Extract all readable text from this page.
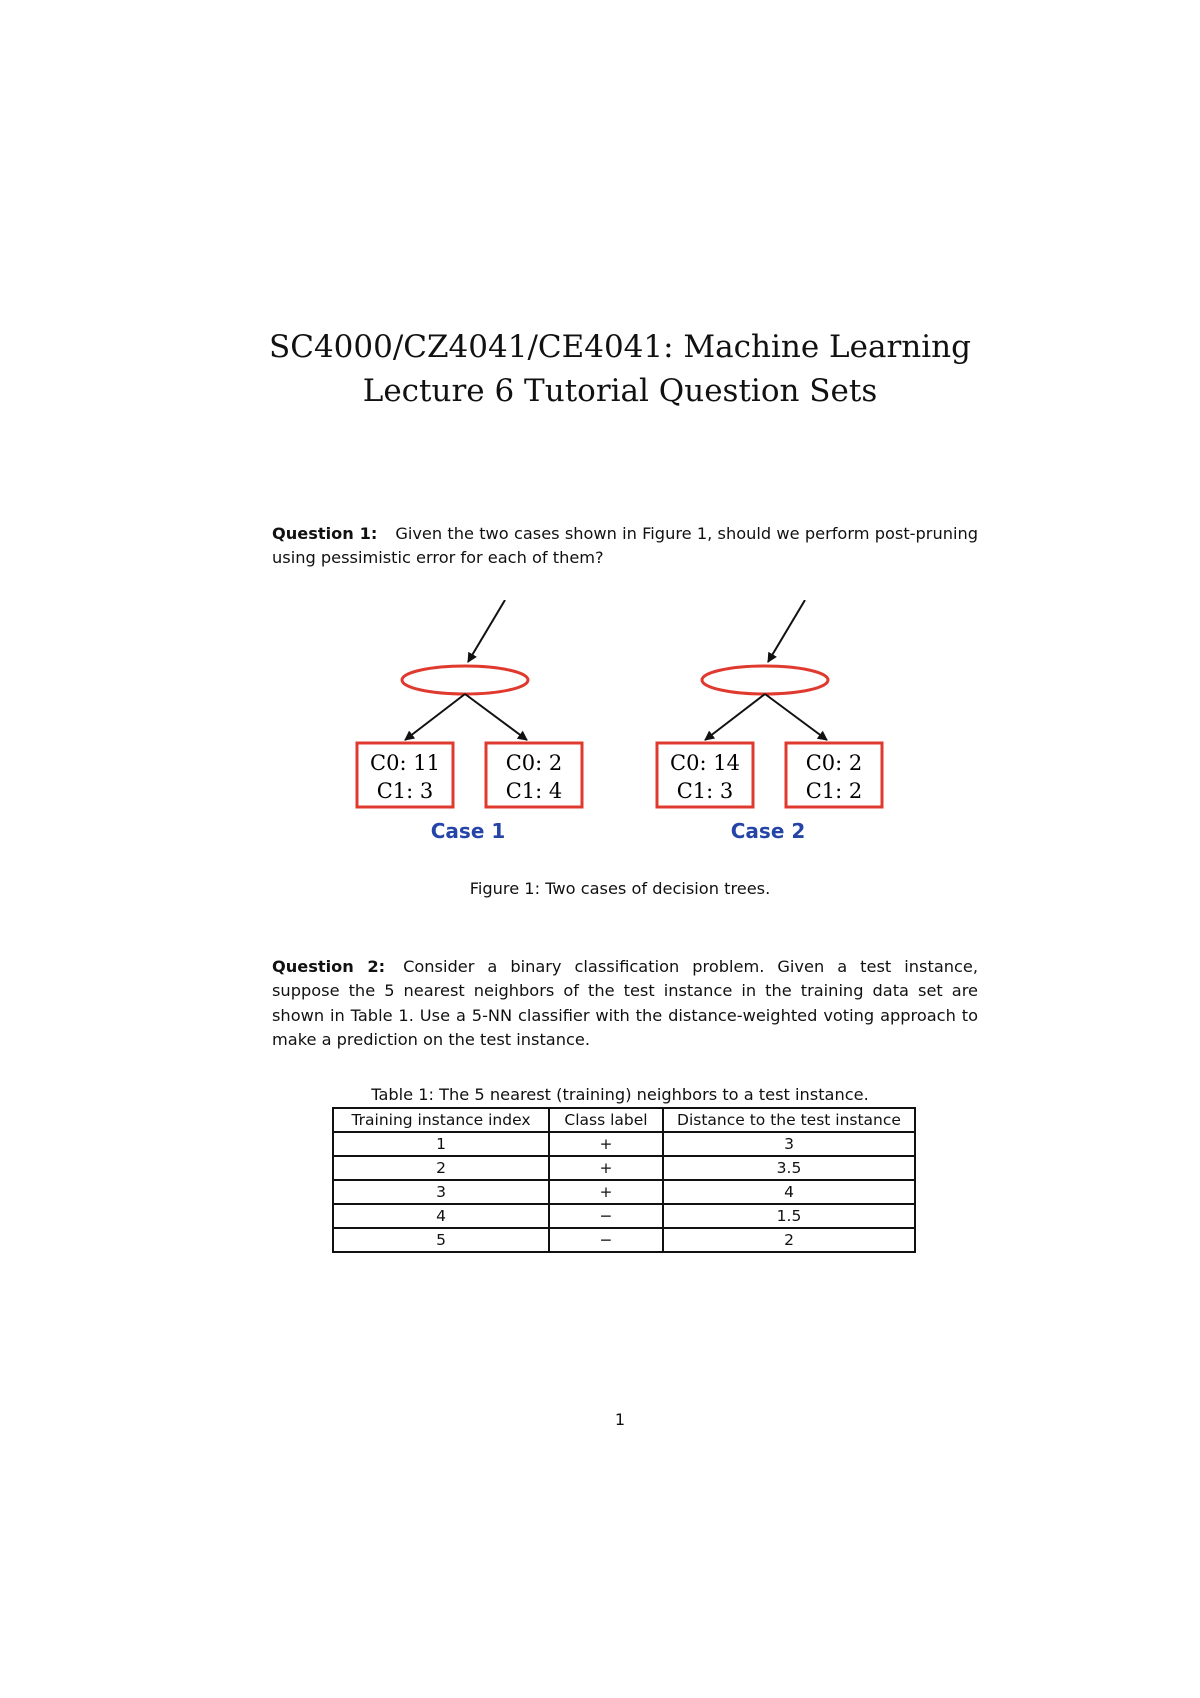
SC4000/CZ4041/CE4041: Machine Learning
Lecture 6 Tutorial Question Sets
Question 1: Given the two cases shown in Figure 1, should we perform post-pruning using pessimistic error for each of them?
C0: 11
C1: 3
C0: 2
C1: 4
Case 1
C0: 14
C1: 3
C0: 2
C1: 2
Case 2
Figure 1: Two cases of decision trees.
Question 2: Consider a binary classification problem. Given a test instance, suppose the 5 nearest neighbors of the test instance in the training data set are shown in Table 1. Use a 5-NN classifier with the distance-weighted voting approach to make a prediction on the test instance.
Table 1: The 5 nearest (training) neighbors to a test instance.
Training instance index	Class label	Distance to the test instance
1	+	3
2	+	3.5
3	+	4
4	−	1.5
5	−	2
1
